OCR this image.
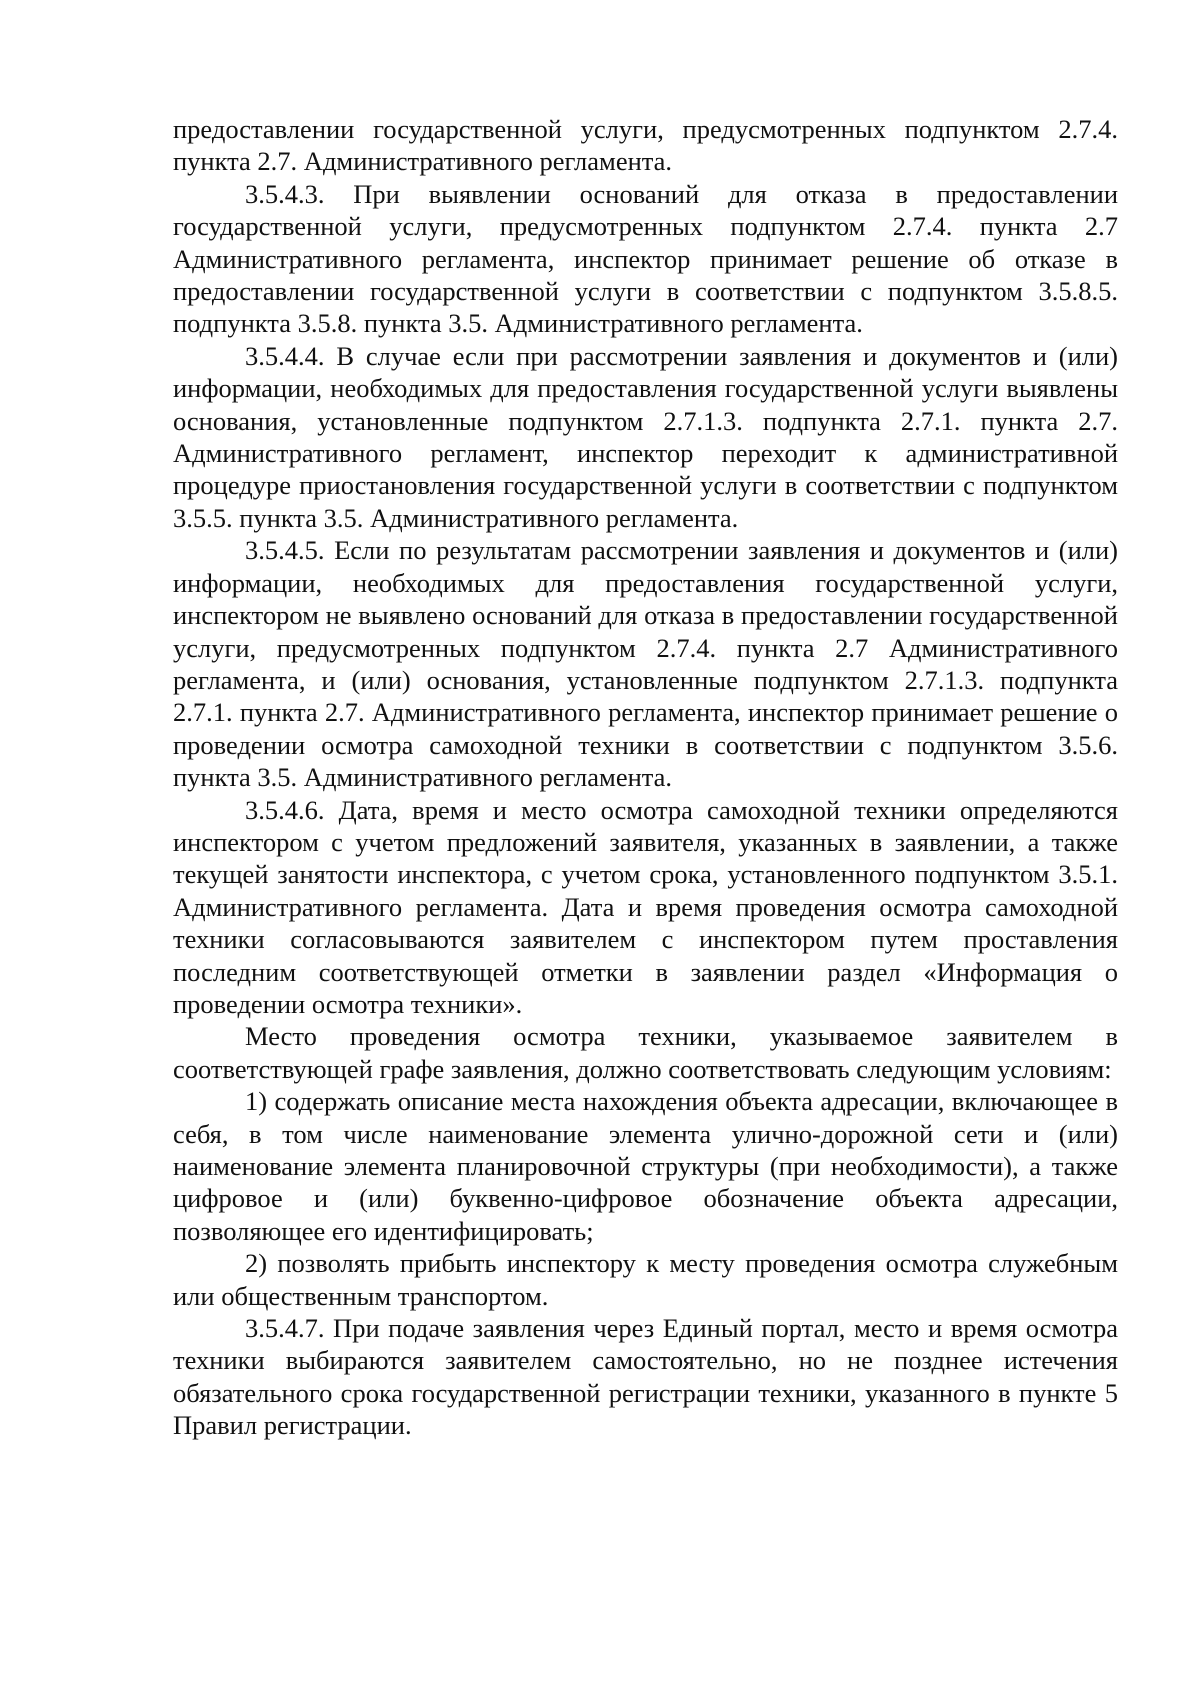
предоставлении государственной услуги, предусмотренных подпунктом 2.7.4. пункта 2.7. Административного регламента.

3.5.4.3. При выявлении оснований для отказа в предоставлении государственной услуги, предусмотренных подпунктом 2.7.4. пункта 2.7 Административного регламента, инспектор принимает решение об отказе в предоставлении государственной услуги в соответствии с подпунктом 3.5.8.5. подпункта 3.5.8. пункта 3.5. Административного регламента.

3.5.4.4. В случае если при рассмотрении заявления и документов и (или) информации, необходимых для предоставления государственной услуги выявлены основания, установленные подпунктом 2.7.1.3. подпункта 2.7.1. пункта 2.7. Административного регламент, инспектор переходит к административной процедуре приостановления государственной услуги в соответствии с подпунктом 3.5.5. пункта 3.5. Административного регламента.

3.5.4.5. Если по результатам рассмотрении заявления и документов и (или) информации, необходимых для предоставления государственной услуги, инспектором не выявлено оснований для отказа в предоставлении государственной услуги, предусмотренных подпунктом 2.7.4. пункта 2.7 Административного регламента, и (или) основания, установленные подпунктом 2.7.1.3. подпункта 2.7.1. пункта 2.7. Административного регламента, инспектор принимает решение о проведении осмотра самоходной техники в соответствии с подпунктом 3.5.6. пункта 3.5. Административного регламента.

3.5.4.6. Дата, время и место осмотра самоходной техники определяются инспектором с учетом предложений заявителя, указанных в заявлении, а также текущей занятости инспектора, с учетом срока, установленного подпунктом 3.5.1. Административного регламента. Дата и время проведения осмотра самоходной техники согласовываются заявителем с инспектором путем проставления последним соответствующей отметки в заявлении раздел «Информация о проведении осмотра техники».

Место проведения осмотра техники, указываемое заявителем в соответствующей графе заявления, должно соответствовать следующим условиям:

1) содержать описание места нахождения объекта адресации, включающее в себя, в том числе наименование элемента улично-дорожной сети и (или) наименование элемента планировочной структуры (при необходимости), а также цифровое и (или) буквенно-цифровое обозначение объекта адресации, позволяющее его идентифицировать;

2) позволять прибыть инспектору к месту проведения осмотра служебным или общественным транспортом.

3.5.4.7. При подаче заявления через Единый портал, место и время осмотра техники выбираются заявителем самостоятельно, но не позднее истечения обязательного срока государственной регистрации техники, указанного в пункте 5 Правил регистрации.
